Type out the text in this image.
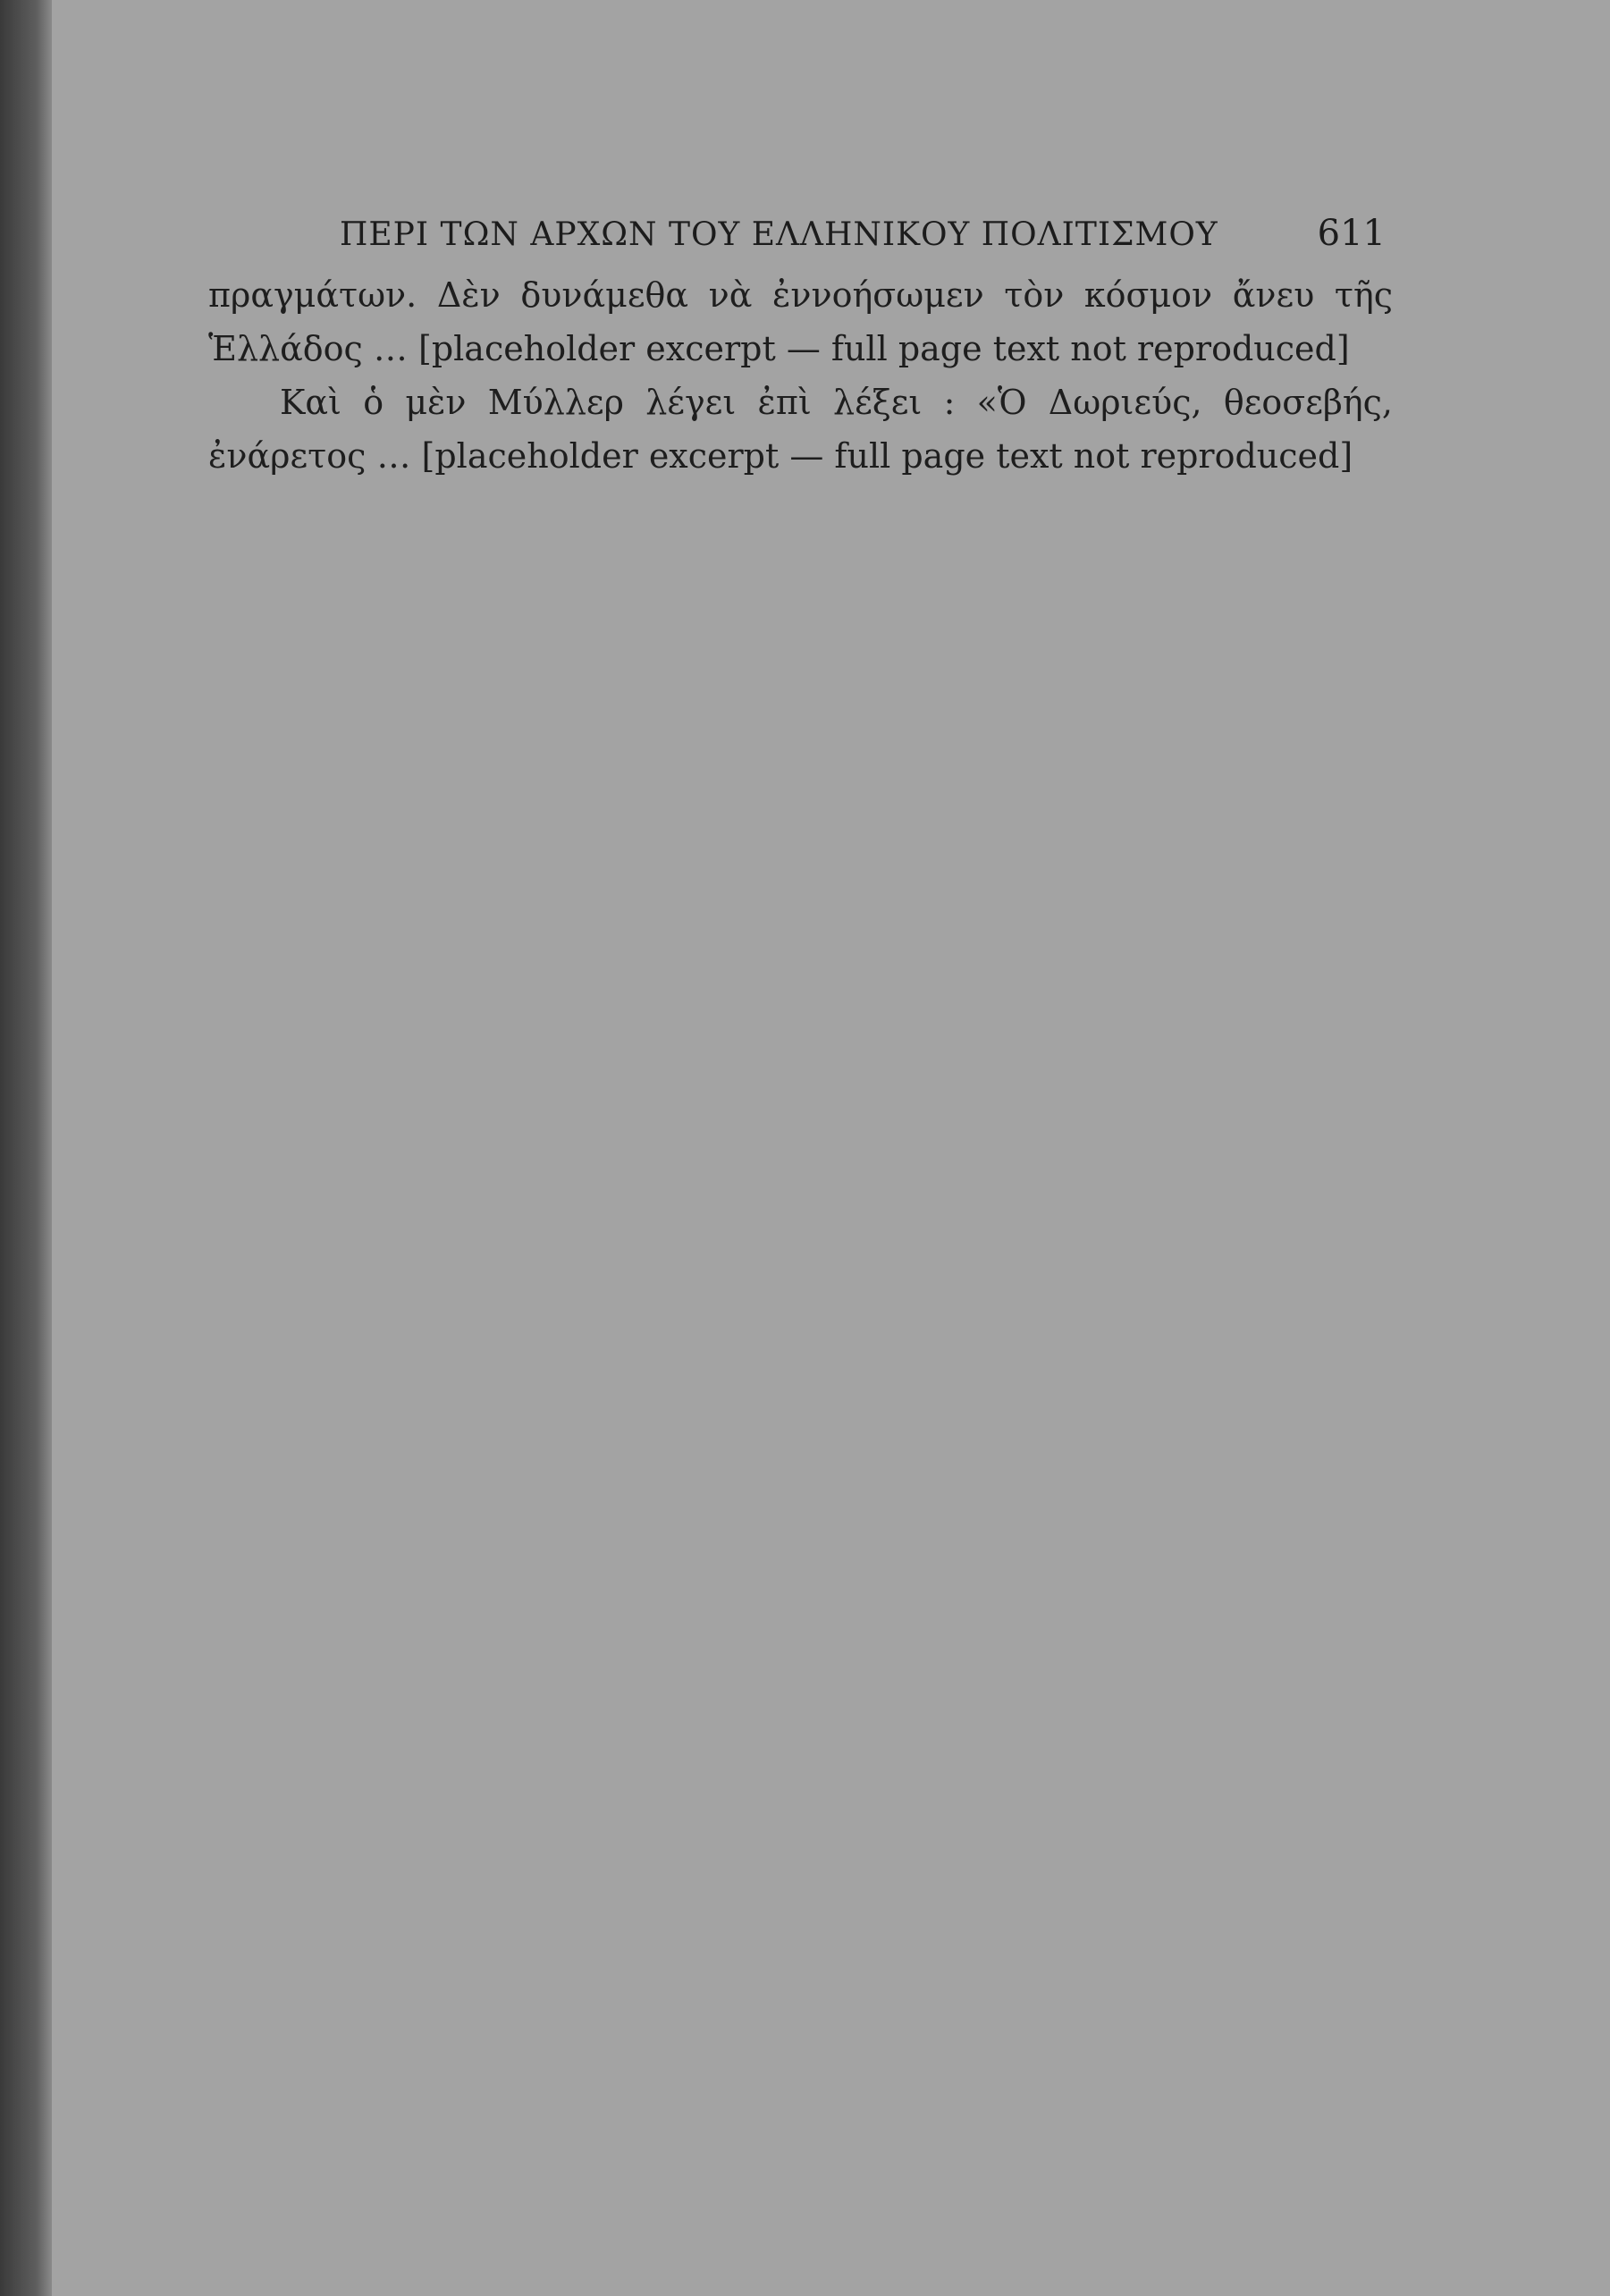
ΠΕΡΙ ΤΩΝ ΑΡΧΩΝ ΤΟΥ ΕΛΛΗΝΙΚΟΥ ΠΟΛΙΤΙΣΜΟΥ	611

πραγμάτων. Δὲν δυνάμεθα νὰ ἐννοήσωμεν τὸν κόσμον ἄνευ τῆς Ἑλλάδος … [placeholder excerpt — full page text not reproduced]

Καὶ ὁ μὲν Μύλλερ λέγει ἐπὶ λέξει : «Ὁ Δωριεύς, θεοσεβής, ἐνάρετος … [placeholder excerpt — full page text not reproduced]
